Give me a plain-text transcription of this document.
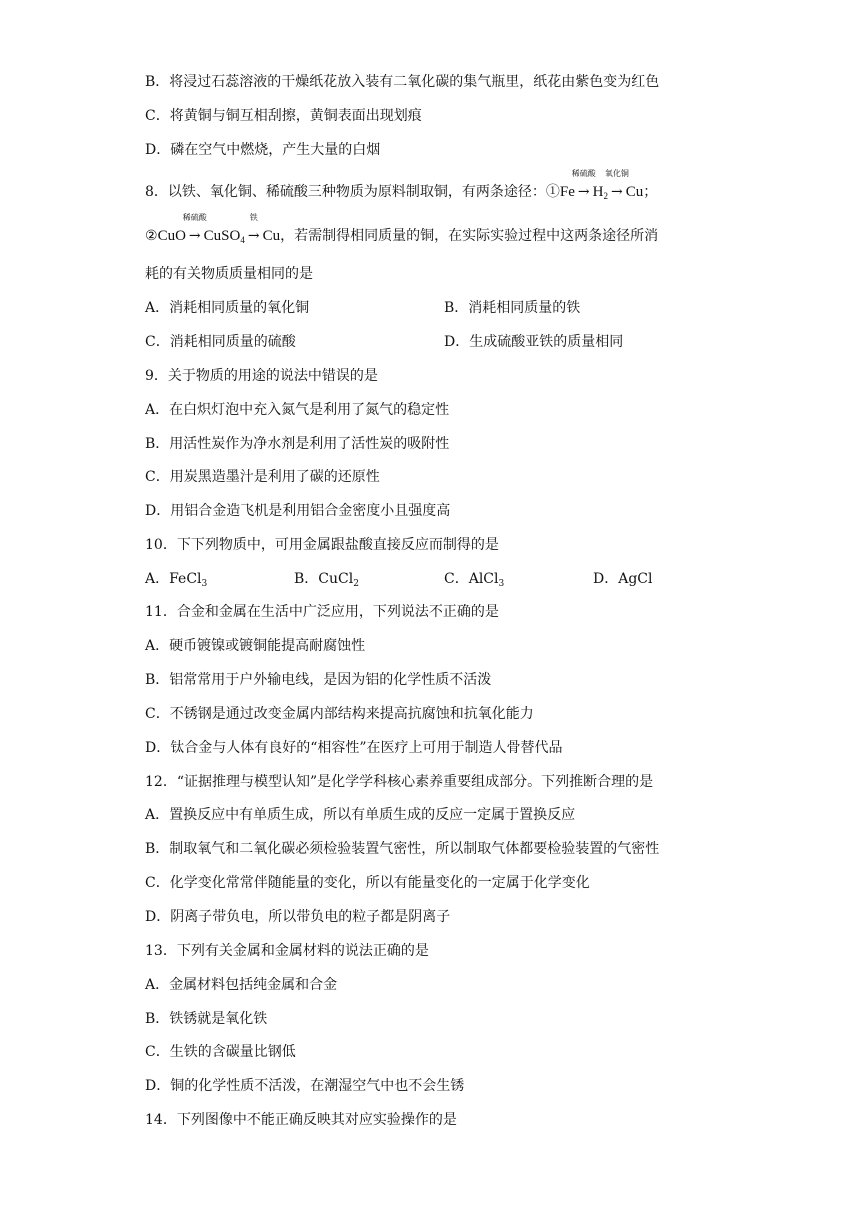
B．将浸过石蕊溶液的干燥纸花放入装有二氧化碳的集气瓶里，纸花由紫色变为红色
C．将黄铜与铜互相刮擦，黄铜表面出现划痕
D．磷在空气中燃烧，产生大量的白烟
8．以铁、氧化铜、稀硫酸三种物质为原料制取铜，有两条途径：①Fe
稀硫酸
→ $H_2$
氧化铜
→ Cu；
②CuO
稀硫酸
→ CuSO$_4$
铁
→ Cu，若需制得相同质量的铜，在实际实验过程中这两条途径所消
耗的有关物质质量相同的是
A．消耗相同质量的氧化铜	B．消耗相同质量的铁
C．消耗相同质量的硫酸	D．生成硫酸亚铁的质量相同
9．关于物质的用途的说法中错误的是
A．在白炽灯泡中充入氮气是利用了氮气的稳定性
B．用活性炭作为净水剂是利用了活性炭的吸附性
C．用炭黑造墨汁是利用了碳的还原性
D．用铝合金造飞机是利用铝合金密度小且强度高
10．下下列物质中，可用金属跟盐酸直接反应而制得的是
A．FeCl$_3$	B．CuCl$_2$	C．AlCl$_3$	D．AgCl
11．合金和金属在生活中广泛应用，下列说法不正确的是
A．硬币镀镍或镀铜能提高耐腐蚀性
B．铝常常用于户外输电线，是因为铝的化学性质不活泼
C．不锈钢是通过改变金属内部结构来提高抗腐蚀和抗氧化能力
D．钛合金与人体有良好的“相容性”在医疗上可用于制造人骨替代品
12．“证据推理与模型认知”是化学学科核心素养重要组成部分。下列推断合理的是
A．置换反应中有单质生成，所以有单质生成的反应一定属于置换反应
B．制取氧气和二氧化碳必须检验装置气密性，所以制取气体都要检验装置的气密性
C．化学变化常常伴随能量的变化，所以有能量变化的一定属于化学变化
D．阴离子带负电，所以带负电的粒子都是阴离子
13．下列有关金属和金属材料的说法正确的是
A．金属材料包括纯金属和合金
B．铁锈就是氧化铁
C．生铁的含碳量比钢低
D．铜的化学性质不活泼，在潮湿空气中也不会生锈
14．下列图像中不能正确反映其对应实验操作的是
